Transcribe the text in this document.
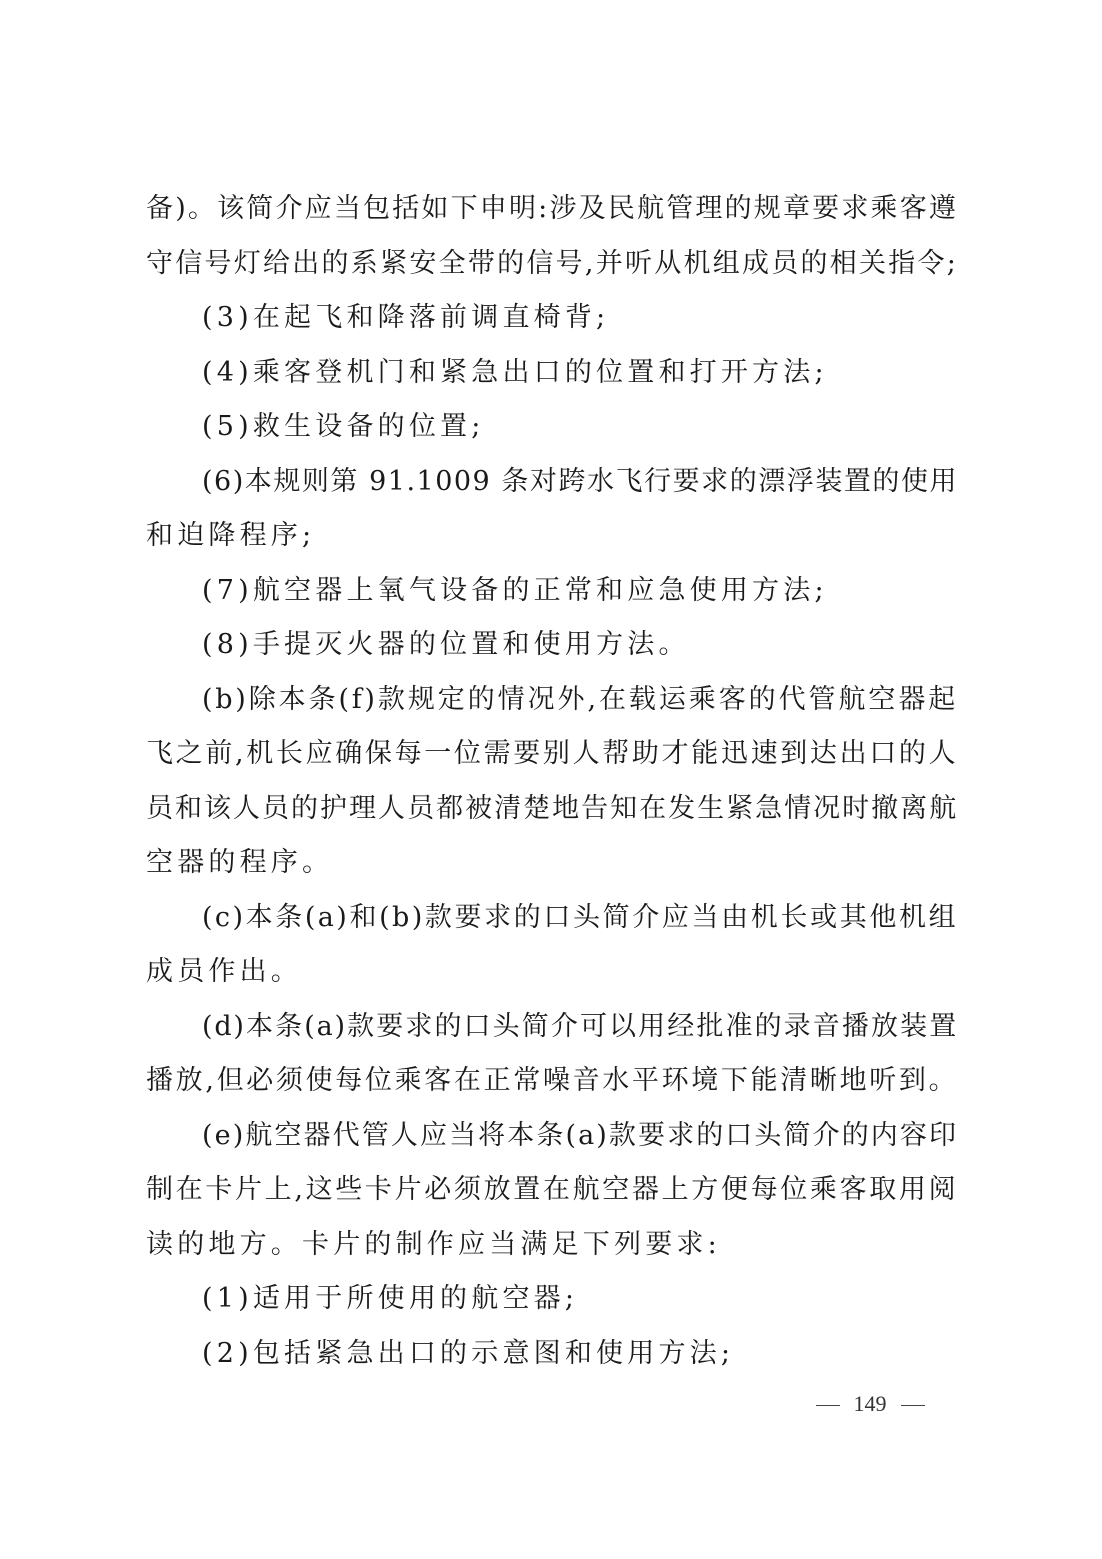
备)。该简介应当包括如下申明:涉及民航管理的规章要求乘客遵
守信号灯给出的系紧安全带的信号,并听从机组成员的相关指令;
(3)在起飞和降落前调直椅背;
(4)乘客登机门和紧急出口的位置和打开方法;
(5)救生设备的位置;
(6)本规则第 91.1009 条对跨水飞行要求的漂浮装置的使用
和迫降程序;
(7)航空器上氧气设备的正常和应急使用方法;
(8)手提灭火器的位置和使用方法。
(b)除本条(f)款规定的情况外,在载运乘客的代管航空器起
飞之前,机长应确保每一位需要别人帮助才能迅速到达出口的人
员和该人员的护理人员都被清楚地告知在发生紧急情况时撤离航
空器的程序。
(c)本条(a)和(b)款要求的口头简介应当由机长或其他机组
成员作出。
(d)本条(a)款要求的口头简介可以用经批准的录音播放装置
播放,但必须使每位乘客在正常噪音水平环境下能清晰地听到。
(e)航空器代管人应当将本条(a)款要求的口头简介的内容印
制在卡片上,这些卡片必须放置在航空器上方便每位乘客取用阅
读的地方。卡片的制作应当满足下列要求:
(1)适用于所使用的航空器;
(2)包括紧急出口的示意图和使用方法;
149
